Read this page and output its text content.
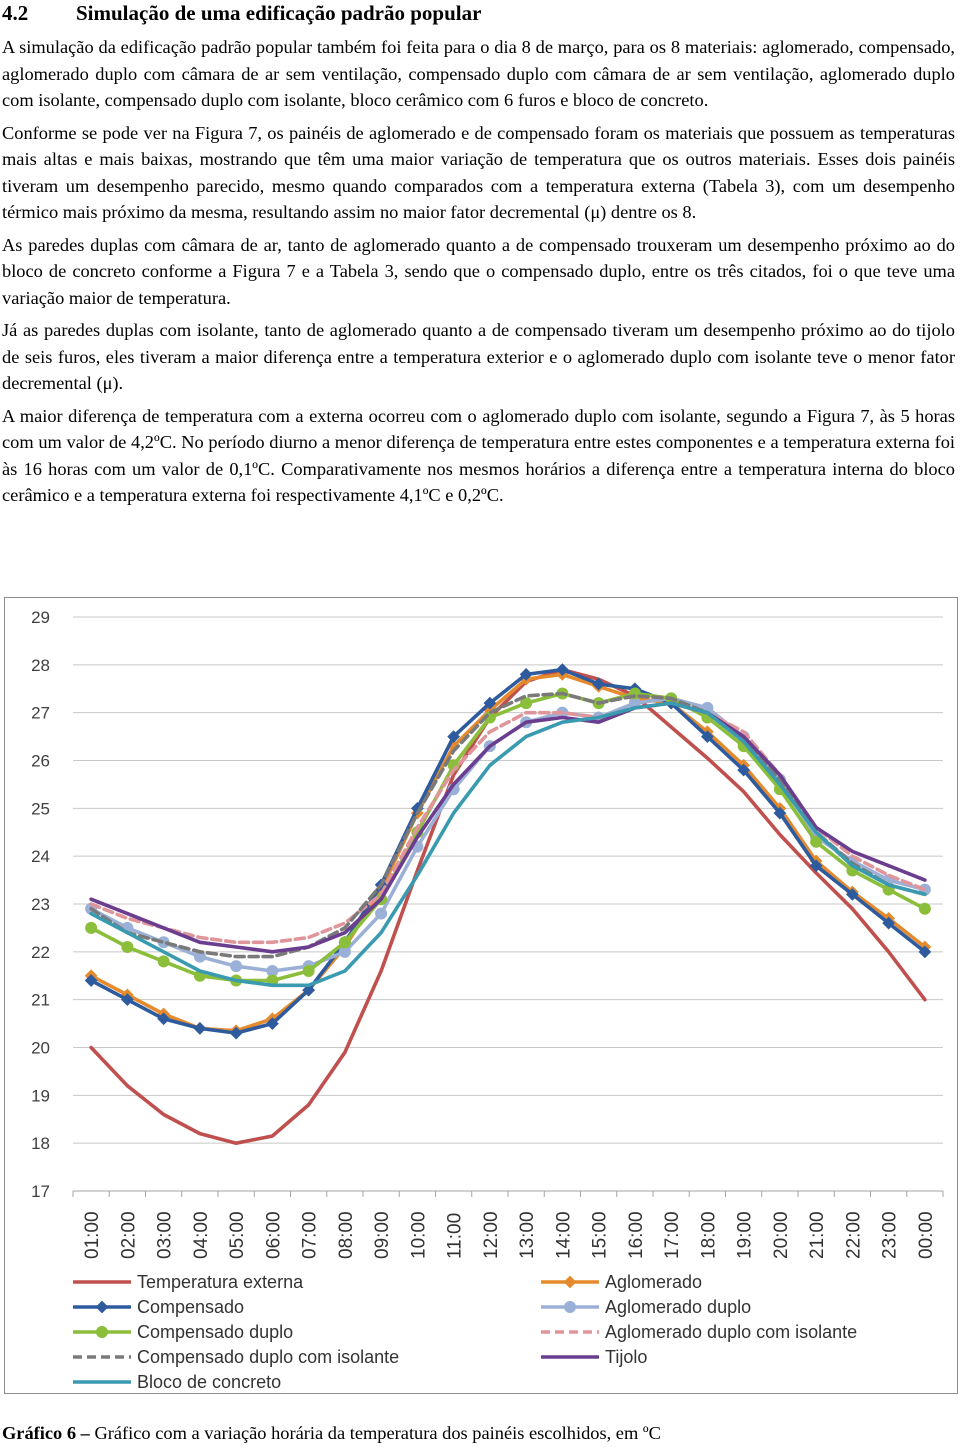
4.2 Simulação de uma edificação padrão popular

A simulação da edificação padrão popular também foi feita para o dia 8 de março, para os 8 materiais: aglomerado, compensado, aglomerado duplo com câmara de ar sem ventilação, compensado duplo com câmara de ar sem ventilação, aglomerado duplo com isolante, compensado duplo com isolante, bloco cerâmico com 6 furos e bloco de concreto.

Conforme se pode ver na Figura 7, os painéis de aglomerado e de compensado foram os materiais que possuem as temperaturas mais altas e mais baixas, mostrando que têm uma maior variação de temperatura que os outros materiais. Esses dois painéis tiveram um desempenho parecido, mesmo quando comparados com a temperatura externa (Tabela 3), com um desempenho térmico mais próximo da mesma, resultando assim no maior fator decremental (μ) dentre os 8.

As paredes duplas com câmara de ar, tanto de aglomerado quanto a de compensado trouxeram um desempenho próximo ao do bloco de concreto conforme a Figura 7 e a Tabela 3, sendo que o compensado duplo, entre os três citados, foi o que teve uma variação maior de temperatura.

Já as paredes duplas com isolante, tanto de aglomerado quanto a de compensado tiveram um desempenho próximo ao do tijolo de seis furos, eles tiveram a maior diferença entre a temperatura exterior e o aglomerado duplo com isolante teve o menor fator decremental (μ).

A maior diferença de temperatura com a externa ocorreu com o aglomerado duplo com isolante, segundo a Figura 7, às 5 horas com um valor de 4,2ºC. No período diurno a menor diferença de temperatura entre estes componentes e a temperatura externa foi às 16 horas com um valor de 0,1ºC. Comparativamente nos mesmos horários a diferença entre a temperatura interna do bloco cerâmico e a temperatura externa foi respectivamente 4,1ºC e 0,2ºC.

29
28
27
26
25
24
23
22
21
20
19
18
17
01:00 02:00 03:00 04:00 05:00 06:00 07:00 08:00 09:00 10:00 11:00 12:00 13:00 14:00 15:00 16:00 17:00 18:00 19:00 20:00 21:00 22:00 23:00 00:00
Temperatura externa	Aglomerado
Compensado	Aglomerado duplo
Compensado duplo	Aglomerado duplo com isolante
Compensado duplo com isolante	Tijolo
Bloco de concreto
Gráfico 6 – Gráfico com a variação horária da temperatura dos painéis escolhidos, em ºC
